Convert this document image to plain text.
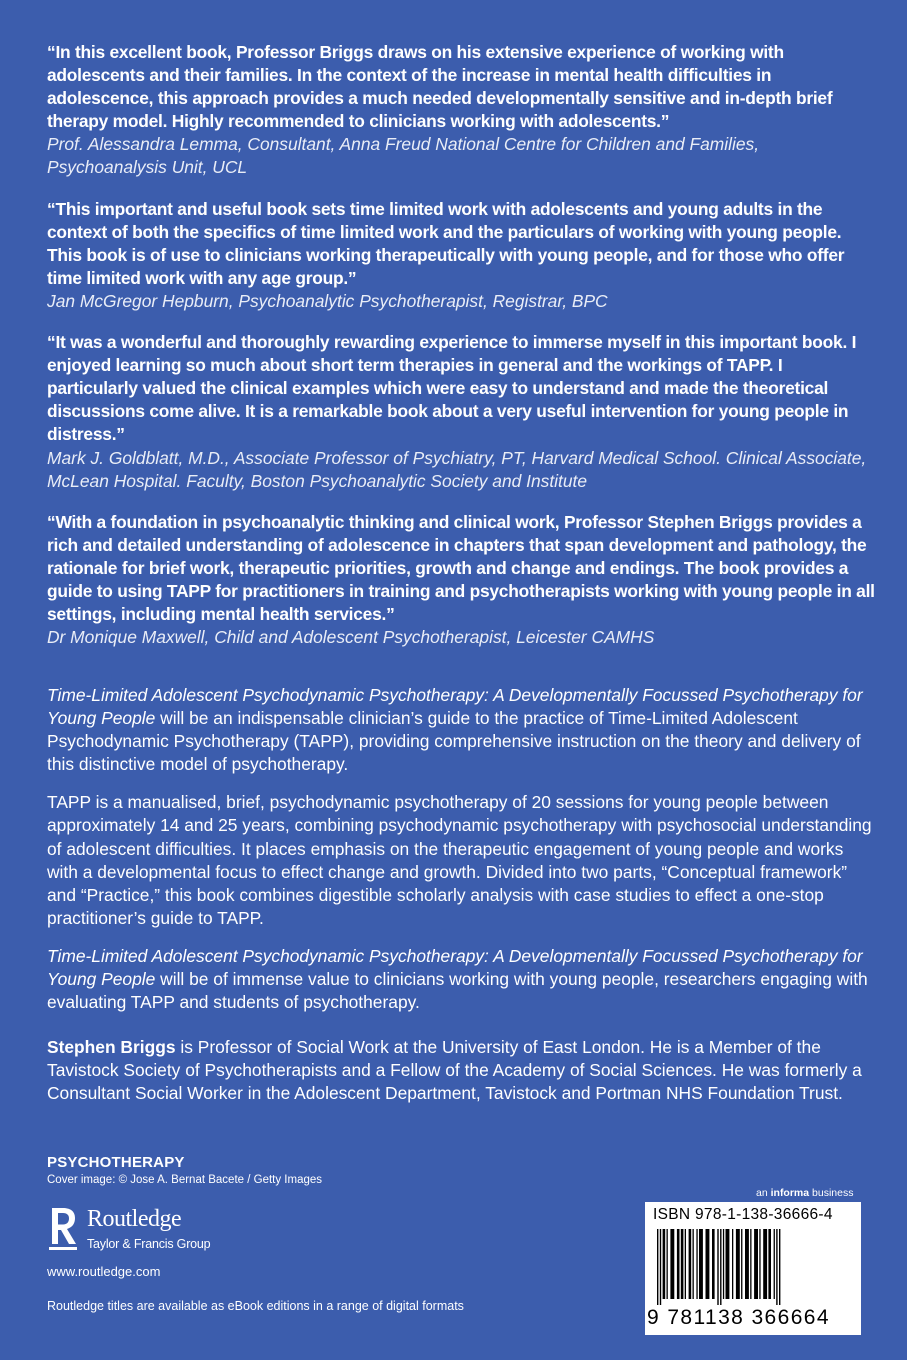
“In this excellent book, Professor Briggs draws on his extensive experience of working with adolescents and their families. In the context of the increase in mental health difficulties in adolescence, this approach provides a much needed developmentally sensitive and in-depth brief therapy model. Highly recommended to clinicians working with adolescents.”

Prof. Alessandra Lemma, Consultant, Anna Freud National Centre for Children and Families, Psychoanalysis Unit, UCL

“This important and useful book sets time limited work with adolescents and young adults in the context of both the specifics of time limited work and the particulars of working with young people. This book is of use to clinicians working therapeutically with young people, and for those who offer time limited work with any age group.”

Jan McGregor Hepburn, Psychoanalytic Psychotherapist, Registrar, BPC

“It was a wonderful and thoroughly rewarding experience to immerse myself in this important book. I enjoyed learning so much about short term therapies in general and the workings of TAPP. I particularly valued the clinical examples which were easy to understand and made the theoretical discussions come alive. It is a remarkable book about a very useful intervention for young people in distress.”

Mark J. Goldblatt, M.D., Associate Professor of Psychiatry, PT, Harvard Medical School. Clinical Associate, McLean Hospital. Faculty, Boston Psychoanalytic Society and Institute

“With a foundation in psychoanalytic thinking and clinical work, Professor Stephen Briggs provides a rich and detailed understanding of adolescence in chapters that span development and pathology, the rationale for brief work, therapeutic priorities, growth and change and endings. The book provides a guide to using TAPP for practitioners in training and psychotherapists working with young people in all settings, including mental health services.”

Dr Monique Maxwell, Child and Adolescent Psychotherapist, Leicester CAMHS

Time-Limited Adolescent Psychodynamic Psychotherapy: A Developmentally Focussed Psychotherapy for Young People will be an indispensable clinician’s guide to the practice of Time-Limited Adolescent Psychodynamic Psychotherapy (TAPP), providing comprehensive instruction on the theory and delivery of this distinctive model of psychotherapy.

TAPP is a manualised, brief, psychodynamic psychotherapy of 20 sessions for young people between approximately 14 and 25 years, combining psychodynamic psychotherapy with psychosocial understanding of adolescent difficulties. It places emphasis on the therapeutic engagement of young people and works with a developmental focus to effect change and growth. Divided into two parts, “Conceptual framework” and “Practice,” this book combines digestible scholarly analysis with case studies to effect a one-stop practitioner’s guide to TAPP.

Time-Limited Adolescent Psychodynamic Psychotherapy: A Developmentally Focussed Psychotherapy for Young People will be of immense value to clinicians working with young people, researchers engaging with evaluating TAPP and students of psychotherapy.

Stephen Briggs is Professor of Social Work at the University of East London. He is a Member of the Tavistock Society of Psychotherapists and a Fellow of the Academy of Social Sciences. He was formerly a Consultant Social Worker in the Adolescent Department, Tavistock and Portman NHS Foundation Trust.
PSYCHOTHERAPY
Cover image: © Jose A. Bernat Bacete / Getty Images
Routledge
Taylor & Francis Group
www.routledge.com
Routledge titles are available as eBook editions in a range of digital formats
an informa business
ISBN 978-1-138-36666-4
9 781138 366664
